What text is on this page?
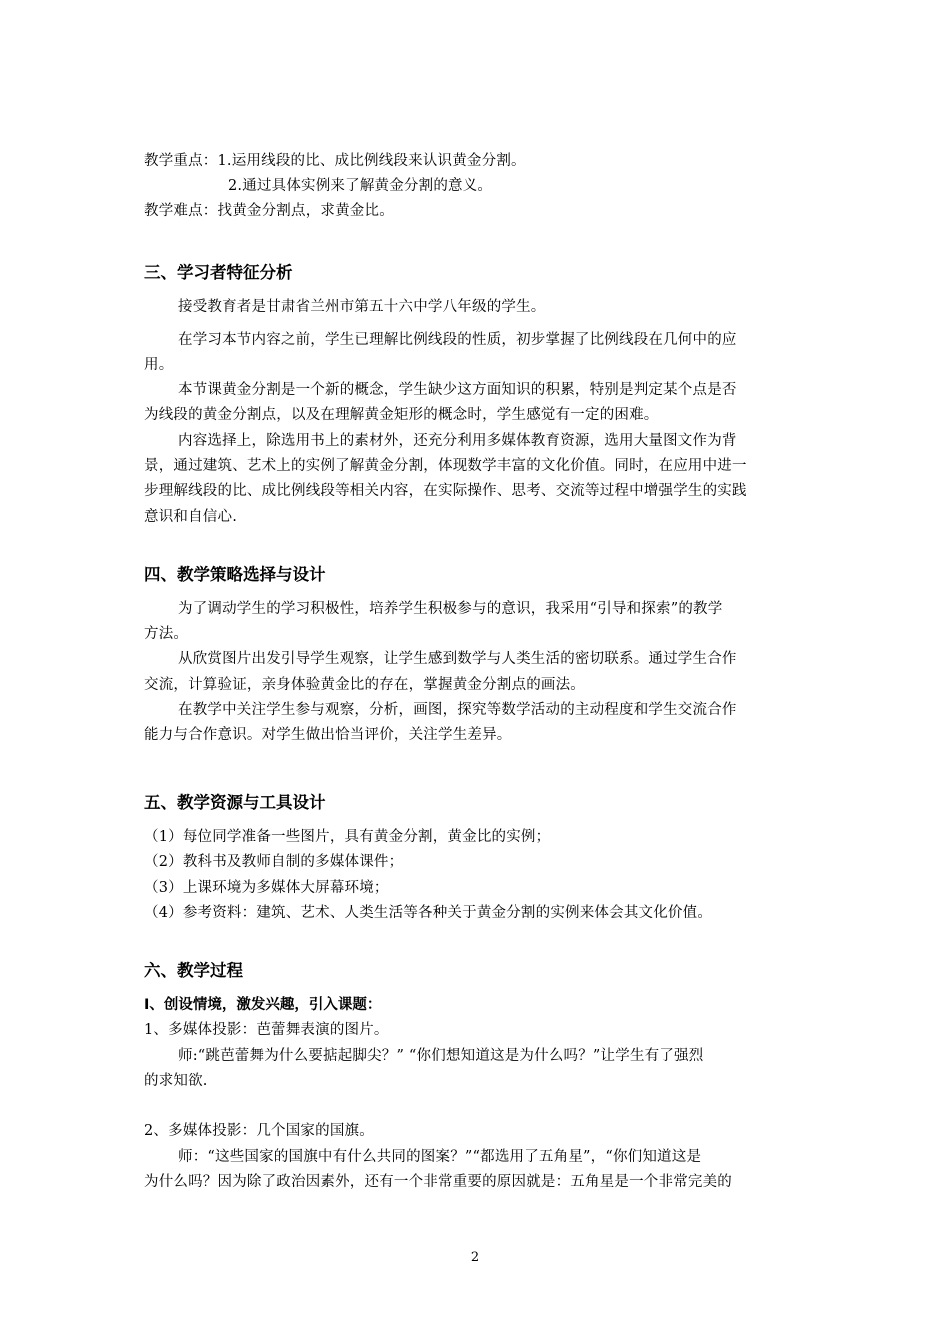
教学重点：1.运用线段的比、成比例线段来认识黄金分割。
2.通过具体实例来了解黄金分割的意义。
教学难点：找黄金分割点，求黄金比。
三、学习者特征分析
接受教育者是甘肃省兰州市第五十六中学八年级的学生。
在学习本节内容之前，学生已理解比例线段的性质，初步掌握了比例线段在几何中的应
用。
本节课黄金分割是一个新的概念，学生缺少这方面知识的积累，特别是判定某个点是否
为线段的黄金分割点，以及在理解黄金矩形的概念时，学生感觉有一定的困难。
内容选择上，除选用书上的素材外，还充分利用多媒体教育资源，选用大量图文作为背
景，通过建筑、艺术上的实例了解黄金分割，体现数学丰富的文化价值。同时，在应用中进一
步理解线段的比、成比例线段等相关内容，在实际操作、思考、交流等过程中增强学生的实践
意识和自信心.
四、教学策略选择与设计
为了调动学生的学习积极性，培养学生积极参与的意识，我采用“引导和探索”的教学
方法。
从欣赏图片出发引导学生观察，让学生感到数学与人类生活的密切联系。通过学生合作
交流，计算验证，亲身体验黄金比的存在，掌握黄金分割点的画法。
在教学中关注学生参与观察，分析，画图，探究等数学活动的主动程度和学生交流合作
能力与合作意识。对学生做出恰当评价，关注学生差异。
五、教学资源与工具设计
（1）每位同学准备一些图片，具有黄金分割，黄金比的实例；
（2）教科书及教师自制的多媒体课件；
（3）上课环境为多媒体大屏幕环境；
（4）参考资料：建筑、艺术、人类生活等各种关于黄金分割的实例来体会其文化价值。
六、教学过程
Ⅰ、创设情境，激发兴趣，引入课题：
1、多媒体投影：芭蕾舞表演的图片。
师:“跳芭蕾舞为什么要掂起脚尖？” “你们想知道这是为什么吗？”让学生有了强烈
的求知欲.
2、多媒体投影：几个国家的国旗。
师：“这些国家的国旗中有什么共同的图案？”“都选用了五角星”，“你们知道这是
为什么吗？因为除了政治因素外，还有一个非常重要的原因就是：五角星是一个非常完美的
2
